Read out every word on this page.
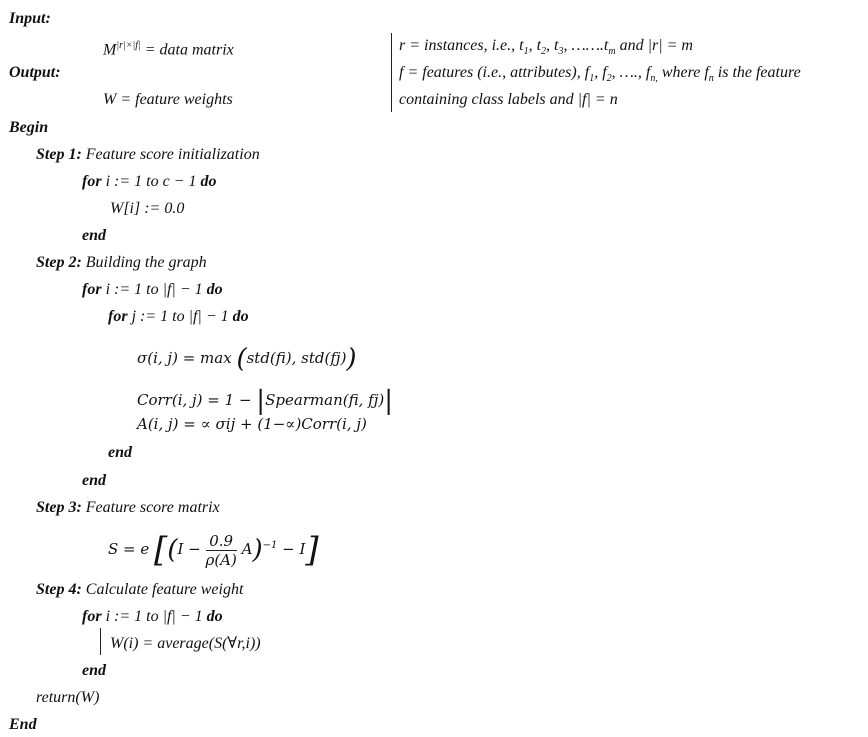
Input:
$M^{|r|\times|f|}$ = data matrix
Output:
W = feature weights
r = instances, i.e., $t_1$, $t_2$, $t_3$, $\dots\dots.t_m$ and |r| = m
f = features (i.e., attributes), $f_1$, $f_2$, …., $f_{n,}$ where $f_n$ is the feature
containing class labels and |f| = n
Begin
Step 1: Feature score initialization
for i := 1 to c − 1 do
W[i] := 0.0
end
Step 2: Building the graph
for i := 1 to |f| − 1 do
for j := 1 to |f| − 1 do
σ(i, j) = max (std(fi), std(fj))
Corr(i, j) = 1 − |Spearman(fi, fj)|
A(i, j) = ∝ σij + (1−∝)Corr(i, j)
end
end
Step 3: Feature score matrix
S = e $[(I - \frac{0.9}{\rho(A)} A)^{-1} - I]$
Step 4: Calculate feature weight
for i := 1 to |f| − 1 do
W(i) = average(S(∀r,i))
end
return(W)
End
